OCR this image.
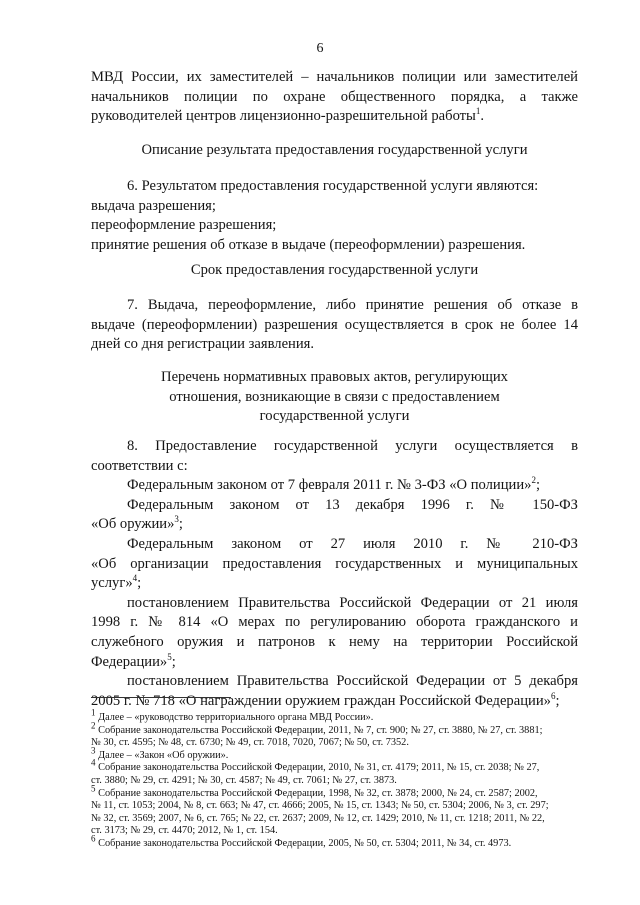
6

МВД России, их заместителей – начальников полиции или заместителей

начальников полиции по охране общественного порядка, а также

руководителей центров лицензионно-разрешительной работы$^1$.

Описание результата предоставления государственной услуги

6. Результатом предоставления государственной услуги являются:

выдача разрешения;

переоформление разрешения;

принятие решения об отказе в выдаче (переоформлении) разрешения.

Срок предоставления государственной услуги

7. Выдача, переоформление, либо принятие решения об отказе в

выдаче (переоформлении) разрешения осуществляется в срок не более 14

дней со дня регистрации заявления.

Перечень нормативных правовых актов, регулирующих

отношения, возникающие в связи с предоставлением

государственной услуги

8. Предоставление государственной услуги осуществляется в

соответствии с:

Федеральным законом от 7 февраля 2011 г. № 3-ФЗ «О полиции»$^2$;

Федеральным законом от 13 декабря 1996 г. № 150-ФЗ

«Об оружии»$^3$;

Федеральным законом от 27 июля 2010 г. № 210-ФЗ

«Об организации предоставления государственных и муниципальных

услуг»$^4$;

постановлением Правительства Российской Федерации от 21 июля

1998 г. № 814 «О мерах по регулированию оборота гражданского и

служебного оружия и патронов к нему на территории Российской

Федерации»$^5$;

постановлением Правительства Российской Федерации от 5 декабря

2005 г. № 718 «О награждении оружием граждан Российской Федерации»$^6$;

$^1$ Далее – «руководство территориального органа МВД России».

$^2$ Собрание законодательства Российской Федерации, 2011, № 7, ст. 900; № 27, ст. 3880, № 27, ст. 3881;

№ 30, ст. 4595; № 48, ст. 6730; № 49, ст. 7018, 7020, 7067; № 50, ст. 7352.

$^3$ Далее – «Закон «Об оружии».

$^4$ Собрание законодательства Российской Федерации, 2010, № 31, ст. 4179; 2011, № 15, ст. 2038; № 27,

ст. 3880; № 29, ст. 4291; № 30, ст. 4587; № 49, ст. 7061; № 27, ст. 3873.

$^5$ Собрание законодательства Российской Федерации, 1998, № 32, ст. 3878; 2000, № 24, ст. 2587; 2002,

№ 11, ст. 1053; 2004, № 8, ст. 663; № 47, ст. 4666; 2005, № 15, ст. 1343; № 50, ст. 5304; 2006, № 3, ст. 297;

№ 32, ст. 3569; 2007, № 6, ст. 765; № 22, ст. 2637; 2009, № 12, ст. 1429; 2010, № 11, ст. 1218; 2011, № 22,

ст. 3173; № 29, ст. 4470; 2012, № 1, ст. 154.

$^6$ Собрание законодательства Российской Федерации, 2005, № 50, ст. 5304; 2011, № 34, ст. 4973.
